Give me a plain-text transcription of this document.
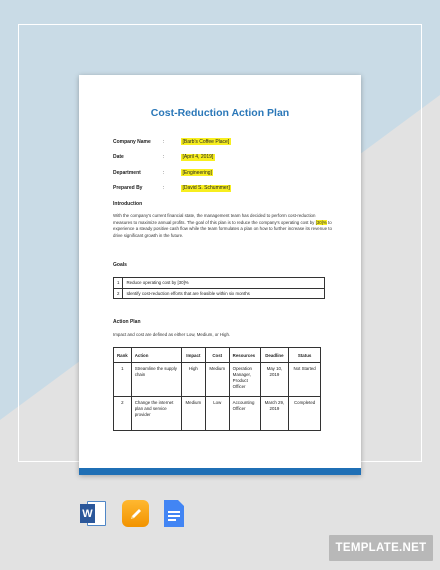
Cost-Reduction Action Plan
Company Name	:	[Barb's Coffee Place]
Date	:	[April 4, 2019]
Department	:	[Engineering]
Prepared By	:	[David S. Schummer]
Introduction
With the company's current financial state, the management team has decided to perform cost-reduction measures to maximize annual profits. The goal of this plan is to reduce the company's operating cost by [30]% to experience a steady positive cash flow while the team formulates a plan on how to further increase its revenue to drive significant growth in the future.
Goals
1	Reduce operating cost by [30]%
2	Identify cost-reduction efforts that are feasible within six months
Action Plan
Impact and cost are defined as either Low, Medium, or High.
Rank	Action	Impact	Cost	Resources	Deadline	Status
1	Streamline the supply chain	High	Medium	Operation Manager, Product Officer	May 10, 2019	Not Started
2	Change the internet plan and service provider	Medium	Low	Accounting Officer	March 29, 2019	Completed
W
TEMPLATE.NET
